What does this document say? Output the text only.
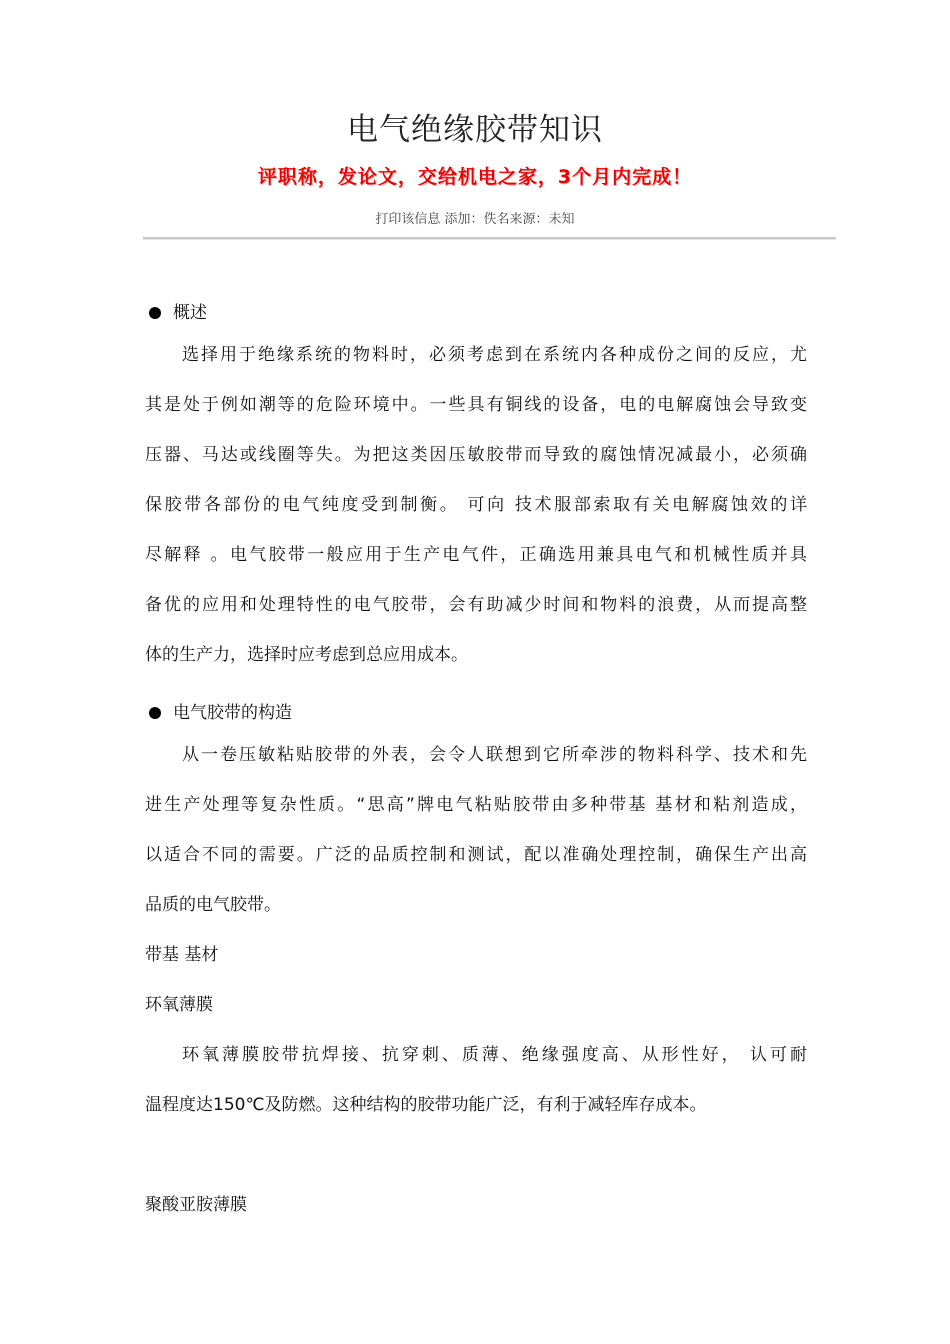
电气绝缘胶带知识
评职称，发论文，交给机电之家，3个月内完成！
打印该信息 添加：佚名来源：未知
概述
选择用于绝缘系统的物料时，必须考虑到在系统内各种成份之间的反应，尤
其是处于例如潮等的危险环境中。一些具有铜线的设备，电的电解腐蚀会导致变
压器、马达或线圈等失。为把这类因压敏胶带而导致的腐蚀情况减最小，必须确
保胶带各部份的电气纯度受到制衡。 可向 技术服部索取有关电解腐蚀效的详
尽解释 。电气胶带一般应用于生产电气件，正确选用兼具电气和机械性质并具
备优的应用和处理特性的电气胶带，会有助减少时间和物料的浪费，从而提高整
体的生产力，选择时应考虑到总应用成本。
电气胶带的构造
从一卷压敏粘贴胶带的外表，会令人联想到它所牵涉的物料科学、技术和先
进生产处理等复杂性质。“思高”牌电气粘贴胶带由多种带基 基材和粘剂造成，
以适合不同的需要。广泛的品质控制和测试，配以准确处理控制，确保生产出高
品质的电气胶带。
带基 基材
环氧薄膜
环氧薄膜胶带抗焊接、抗穿刺、质薄、绝缘强度高、从形性好， 认可耐
温程度达150℃及防燃。这种结构的胶带功能广泛，有利于减轻库存成本。
聚酸亚胺薄膜
